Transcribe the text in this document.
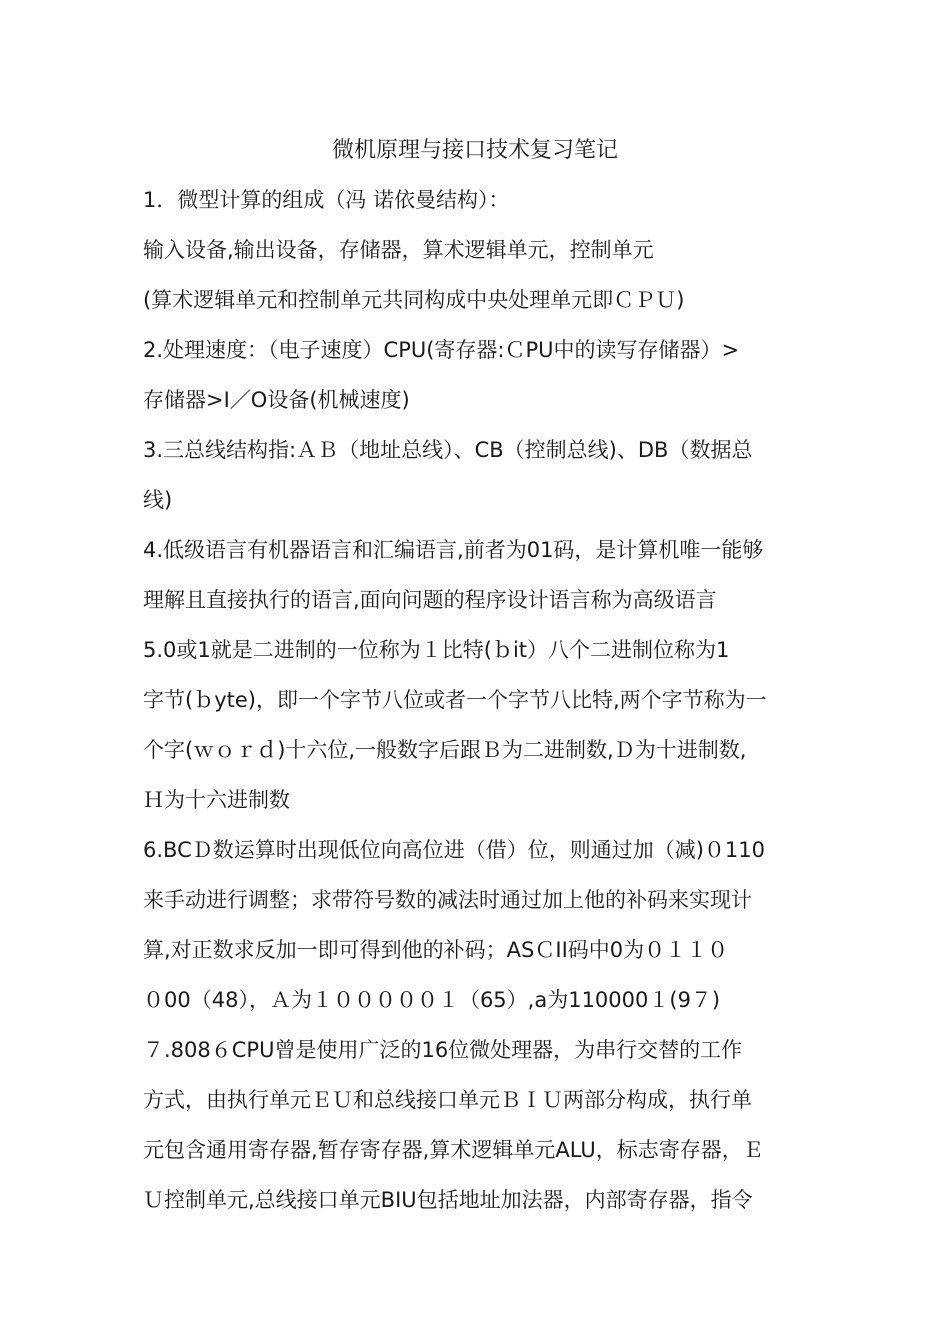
微机原理与接口技术复习笔记
1．微型计算的组成（冯 诺依曼结构）：
输入设备,输出设备，存储器，算术逻辑单元，控制单元
(算术逻辑单元和控制单元共同构成中央处理单元即ＣＰＵ)
2.处理速度：（电子速度）CPU(寄存器:ＣPU中的读写存储器）>
存储器>I／O设备(机械速度)
3.三总线结构指:ＡＢ（地址总线）、CB（控制总线)、DB（数据总
线)
4.低级语言有机器语言和汇编语言,前者为01码，是计算机唯一能够
理解且直接执行的语言,面向问题的程序设计语言称为高级语言
5.0或1就是二进制的一位称为１比特(ｂit）八个二进制位称为1
字节(ｂyte)，即一个字节八位或者一个字节八比特,两个字节称为一
个字(ｗｏｒｄ)十六位,一般数字后跟Ｂ为二进制数,Ｄ为十进制数,
Ｈ为十六进制数
6.BCＤ数运算时出现低位向高位进（借）位，则通过加（减)０110
来手动进行调整；求带符号数的减法时通过加上他的补码来实现计
算,对正数求反加一即可得到他的补码；ASＣII码中0为０１１０
０00（48），Ａ为１０００００１（65）,a为110000１(9７)
７.808６CPU曾是使用广泛的16位微处理器，为串行交替的工作
方式，由执行单元ＥＵ和总线接口单元ＢＩＵ两部分构成，执行单
元包含通用寄存器,暂存寄存器,算术逻辑单元ALU，标志寄存器，Ｅ
Ｕ控制单元,总线接口单元BIU包括地址加法器，内部寄存器，指令
